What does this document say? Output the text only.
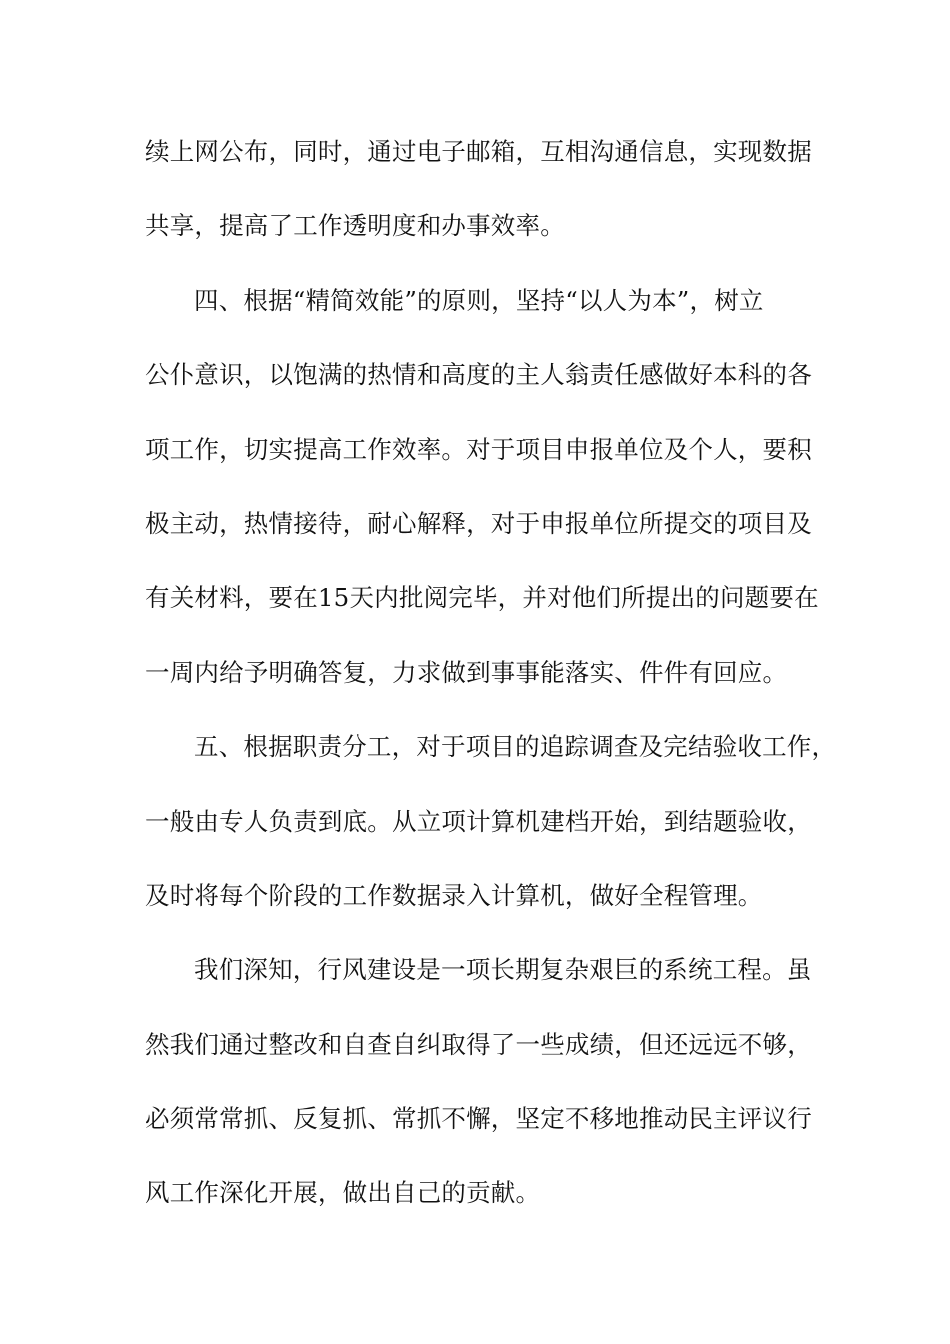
续上网公布，同时，通过电子邮箱，互相沟通信息，实现数据
共享，提高了工作透明度和办事效率。
四、根据“精简效能”的原则，坚持“以人为本”，树立
公仆意识，以饱满的热情和高度的主人翁责任感做好本科的各
项工作，切实提高工作效率。对于项目申报单位及个人，要积
极主动，热情接待，耐心解释，对于申报单位所提交的项目及
有关材料，要在15天内批阅完毕，并对他们所提出的问题要在
一周内给予明确答复，力求做到事事能落实、件件有回应。
五、根据职责分工，对于项目的追踪调查及完结验收工作，
一般由专人负责到底。从立项计算机建档开始，到结题验收，
及时将每个阶段的工作数据录入计算机，做好全程管理。
我们深知，行风建设是一项长期复杂艰巨的系统工程。虽
然我们通过整改和自查自纠取得了一些成绩，但还远远不够，
必须常常抓、反复抓、常抓不懈，坚定不移地推动民主评议行
风工作深化开展，做出自己的贡献。
